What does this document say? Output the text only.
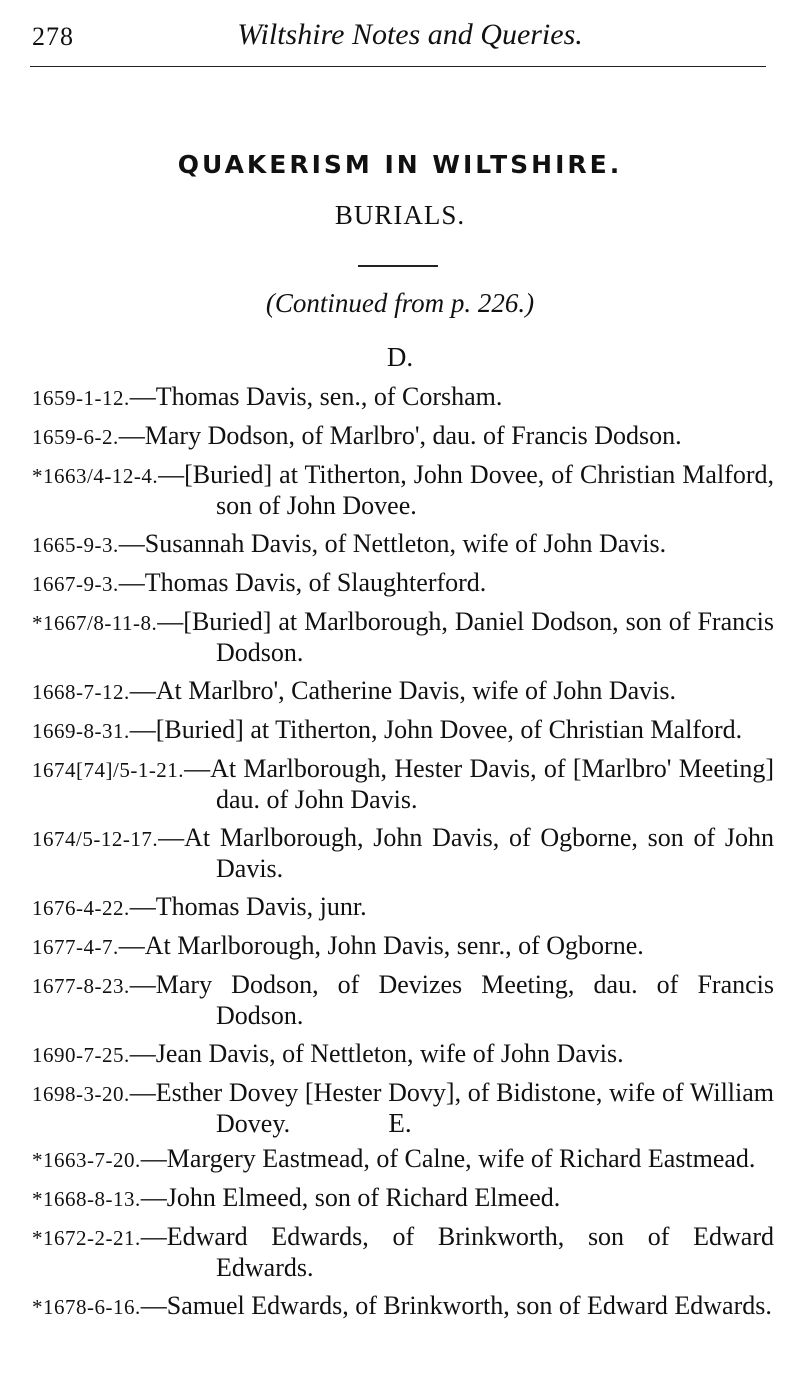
278	Wiltshire Notes and Queries.
QUAKERISM IN WILTSHIRE.
BURIALS.
(Continued from p. 226.)
D.
1659-1-12.—Thomas Davis, sen., of Corsham.
1659-6-2.—Mary Dodson, of Marlbro', dau. of Francis Dodson.
*1663/4-12-4.—[Buried] at Titherton, John Dovee, of Christian Malford, son of John Dovee.
1665-9-3.—Susannah Davis, of Nettleton, wife of John Davis.
1667-9-3.—Thomas Davis, of Slaughterford.
*1667/8-11-8.—[Buried] at Marlborough, Daniel Dodson, son of Francis Dodson.
1668-7-12.—At Marlbro', Catherine Davis, wife of John Davis.
1669-8-31.—[Buried] at Titherton, John Dovee, of Christian Malford.
1674[74]/5-1-21.—At Marlborough, Hester Davis, of [Marlbro' Meeting] dau. of John Davis.
1674/5-12-17.—At Marlborough, John Davis, of Ogborne, son of John Davis.
1676-4-22.—Thomas Davis, junr.
1677-4-7.—At Marlborough, John Davis, senr., of Ogborne.
1677-8-23.—Mary Dodson, of Devizes Meeting, dau. of Francis Dodson.
1690-7-25.—Jean Davis, of Nettleton, wife of John Davis.
1698-3-20.—Esther Dovey [Hester Dovy], of Bidistone, wife of William Dovey.	E.
*1663-7-20.—Margery Eastmead, of Calne, wife of Richard Eastmead.
*1668-8-13.—John Elmeed, son of Richard Elmeed.
*1672-2-21.—Edward Edwards, of Brinkworth, son of Edward Edwards.
*1678-6-16.—Samuel Edwards, of Brinkworth, son of Edward Edwards.
